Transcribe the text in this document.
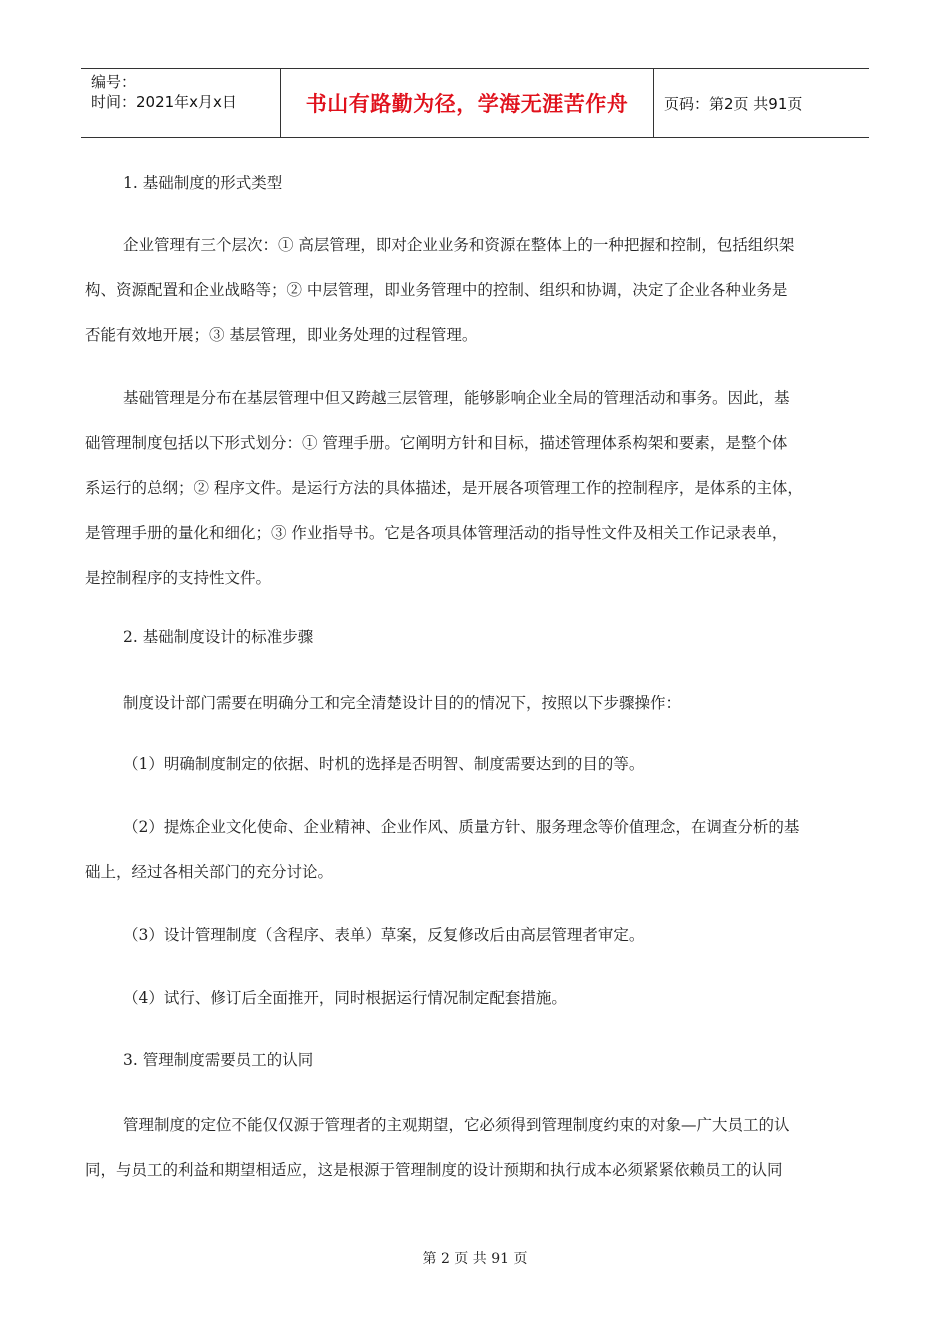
编号：
时间：2021年x月x日	书山有路勤为径，学海无涯苦作舟 页码：第2页 共91页
1. 基础制度的形式类型
企业管理有三个层次：① 高层管理，即对企业业务和资源在整体上的一种把握和控制，包括组织架
构、资源配置和企业战略等；② 中层管理，即业务管理中的控制、组织和协调，决定了企业各种业务是
否能有效地开展；③ 基层管理，即业务处理的过程管理。
基础管理是分布在基层管理中但又跨越三层管理，能够影响企业全局的管理活动和事务。因此，基
础管理制度包括以下形式划分：① 管理手册。它阐明方针和目标，描述管理体系构架和要素，是整个体
系运行的总纲；② 程序文件。是运行方法的具体描述，是开展各项管理工作的控制程序，是体系的主体，
是管理手册的量化和细化；③ 作业指导书。它是各项具体管理活动的指导性文件及相关工作记录表单，
是控制程序的支持性文件。
2. 基础制度设计的标准步骤
制度设计部门需要在明确分工和完全清楚设计目的的情况下，按照以下步骤操作：
（1）明确制度制定的依据、时机的选择是否明智、制度需要达到的目的等。
（2）提炼企业文化使命、企业精神、企业作风、质量方针、服务理念等价值理念，在调查分析的基
础上，经过各相关部门的充分讨论。
（3）设计管理制度（含程序、表单）草案，反复修改后由高层管理者审定。
（4）试行、修订后全面推开，同时根据运行情况制定配套措施。
3. 管理制度需要员工的认同
管理制度的定位不能仅仅源于管理者的主观期望，它必须得到管理制度约束的对象—广大员工的认
同，与员工的利益和期望相适应，这是根源于管理制度的设计预期和执行成本必须紧紧依赖员工的认同
第 2 页 共 91 页
